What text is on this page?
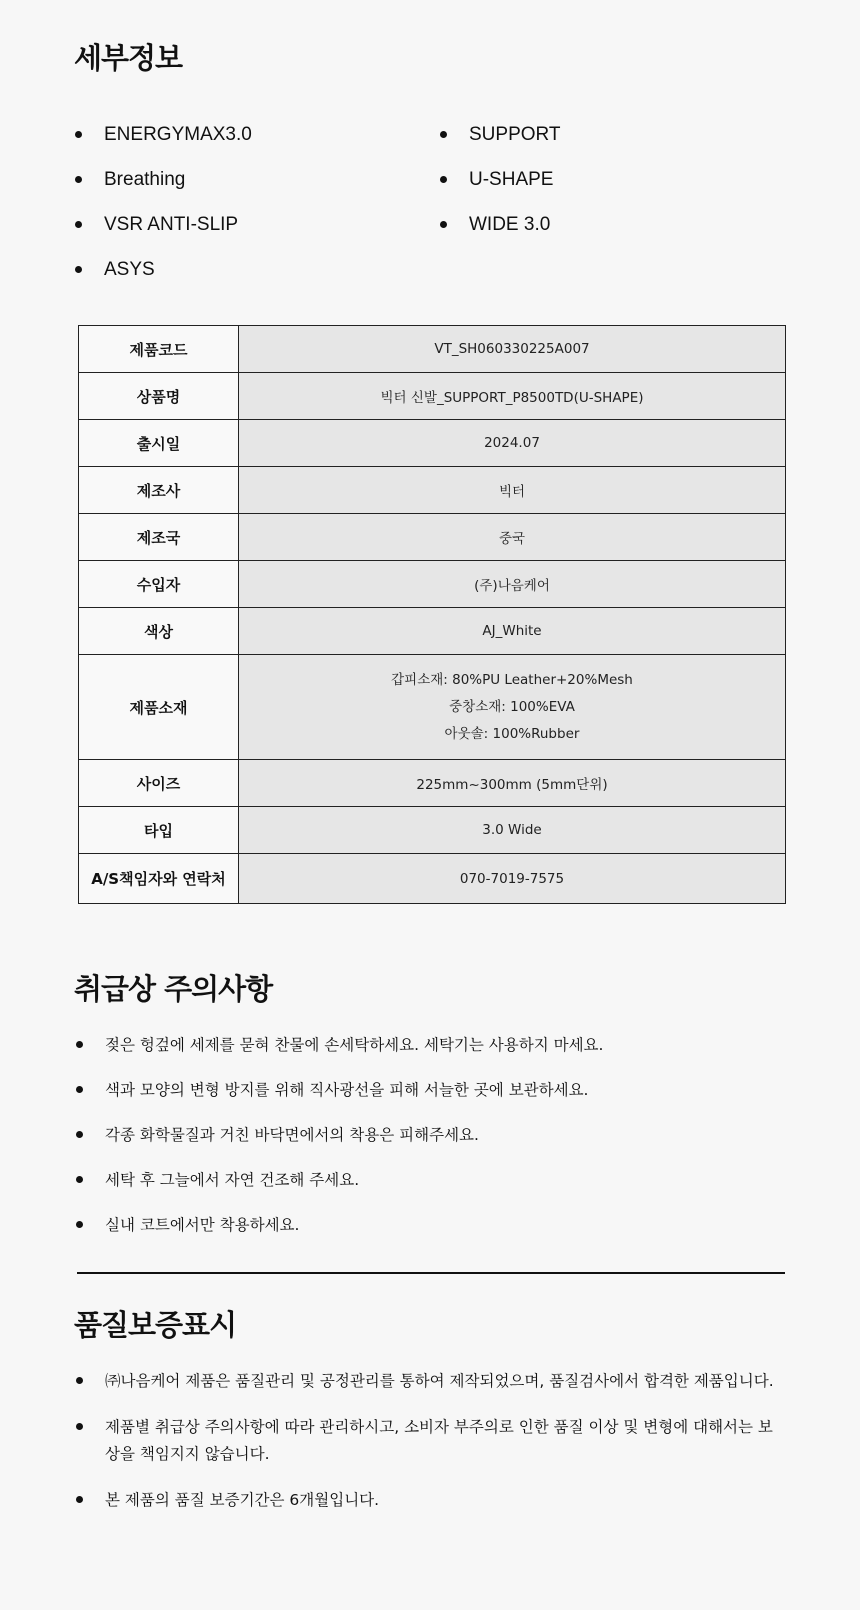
세부정보
ENERGYMAX3.0
Breathing
VSR ANTI-SLIP
ASYS
SUPPORT
U-SHAPE
WIDE 3.0
제품코드	VT_SH060330225A007
상품명	빅터 신발_SUPPORT_P8500TD(U-SHAPE)
출시일	2024.07
제조사	빅터
제조국	중국
수입자	(주)나음케어
색상	AJ_White
제품소재	갑피소재: 80%PU Leather+20%Mesh
중창소재: 100%EVA
아웃솔: 100%Rubber

사이즈	225mm~300mm (5mm단위)
타입	3.0 Wide
A/S책임자와 연락처	070-7019-7575
취급상 주의사항
젖은 헝겊에 세제를 묻혀 찬물에 손세탁하세요. 세탁기는 사용하지 마세요.
색과 모양의 변형 방지를 위해 직사광선을 피해 서늘한 곳에 보관하세요.
각종 화학물질과 거친 바닥면에서의 착용은 피해주세요.
세탁 후 그늘에서 자연 건조해 주세요.
실내 코트에서만 착용하세요.
품질보증표시
㈜나음케어 제품은 품질관리 및 공정관리를 통하여 제작되었으며, 품질검사에서 합격한 제품입니다.
제품별 취급상 주의사항에 따라 관리하시고, 소비자 부주의로 인한 품질 이상 및 변형에 대해서는 보상을 책임지지 않습니다.
본 제품의 품질 보증기간은 6개월입니다.
